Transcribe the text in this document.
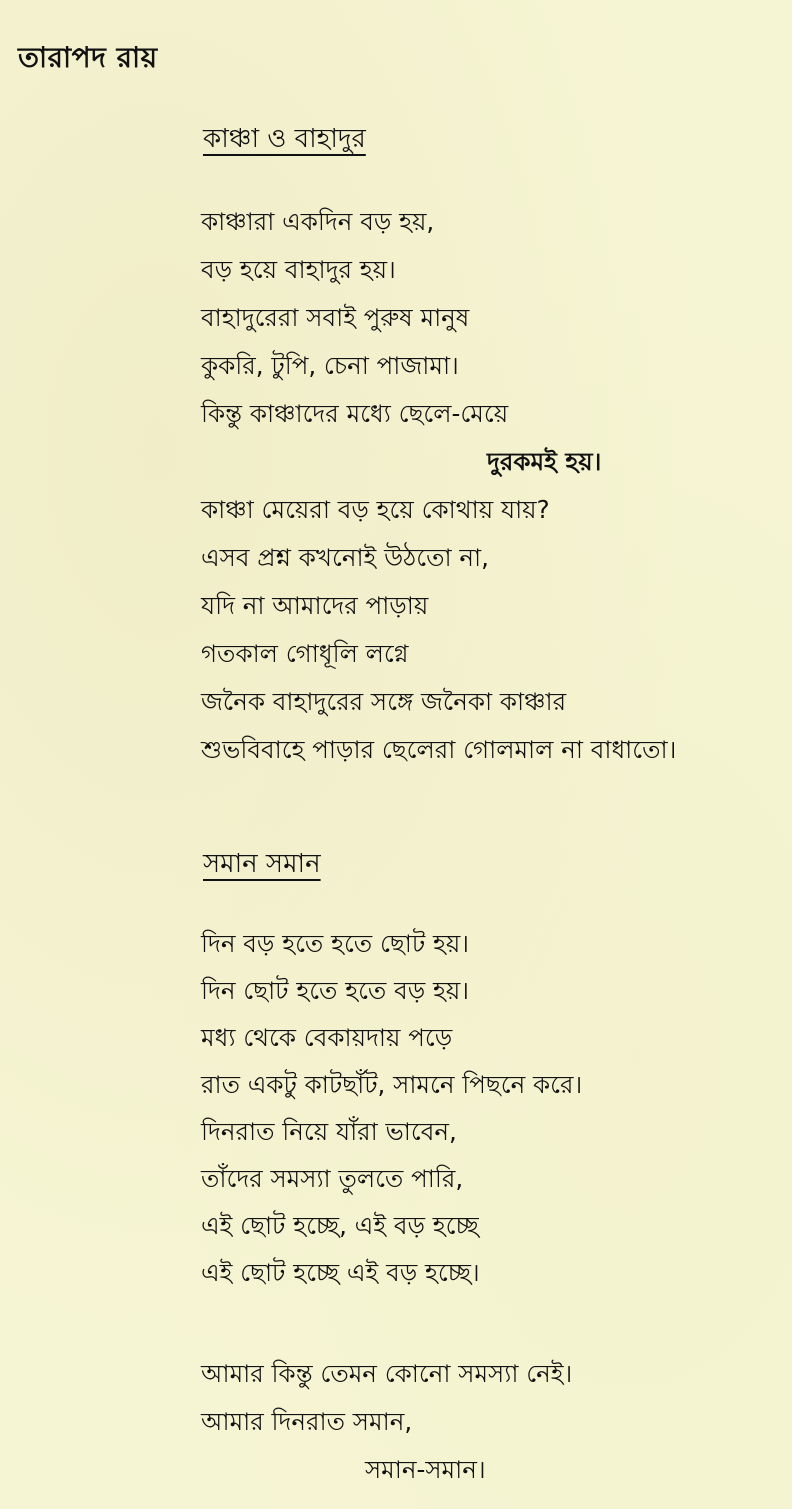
তারাপদ রায়
কাঞ্চা ও বাহাদুর
কাঞ্চারা একদিন বড় হয়,
বড় হয়ে বাহাদুর হয়।
বাহাদুরেরা সবাই পুরুষ মানুষ
কুকরি, টুপি, চেনা পাজামা।
কিন্তু কাঞ্চাদের মধ্যে ছেলে-মেয়ে
দুরকমই হয়।
কাঞ্চা মেয়েরা বড় হয়ে কোথায় যায়?
এসব প্রশ্ন কখনোই উঠতো না,
যদি না আমাদের পাড়ায়
গতকাল গোধূলি লগ্নে
জনৈক বাহাদুরের সঙ্গে জনৈকা কাঞ্চার
শুভবিবাহে পাড়ার ছেলেরা গোলমাল না বাধাতো।
সমান সমান
দিন বড় হতে হতে ছোট হয়।
দিন ছোট হতে হতে বড় হয়।
মধ্য থেকে বেকায়দায় পড়ে
রাত একটু কাটছাঁট, সামনে পিছনে করে।
দিনরাত নিয়ে যাঁরা ভাবেন,
তাঁদের সমস্যা তুলতে পারি,
এই ছোট হচ্ছে, এই বড় হচ্ছে
এই ছোট হচ্ছে এই বড় হচ্ছে।
আমার কিন্তু তেমন কোনো সমস্যা নেই।
আমার দিনরাত সমান,
সমান-সমান।
